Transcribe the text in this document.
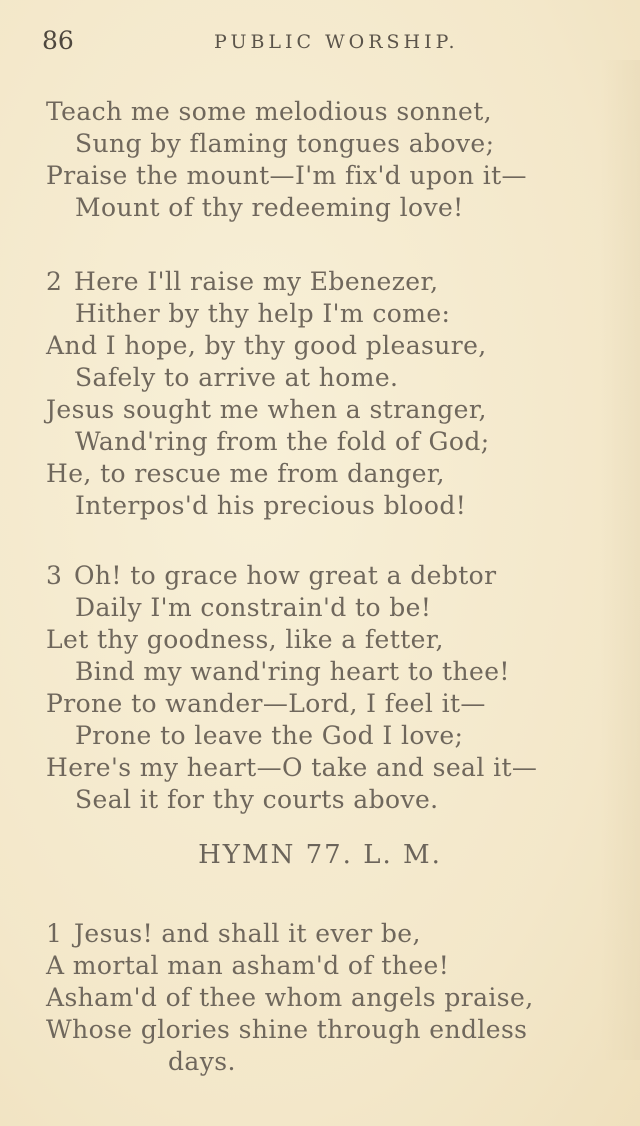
86	PUBLIC WORSHIP.
Teach me some melodious sonnet,
Sung by flaming tongues above;
Praise the mount—I'm fix'd upon it—
Mount of thy redeeming love!
2 Here I'll raise my Ebenezer,
Hither by thy help I'm come:
And I hope, by thy good pleasure,
Safely to arrive at home.
Jesus sought me when a stranger,
Wand'ring from the fold of God;
He, to rescue me from danger,
Interpos'd his precious blood!
3 Oh! to grace how great a debtor
Daily I'm constrain'd to be!
Let thy goodness, like a fetter,
Bind my wand'ring heart to thee!
Prone to wander—Lord, I feel it—
Prone to leave the God I love;
Here's my heart—O take and seal it—
Seal it for thy courts above.
HYMN 77. L. M.
1 Jesus! and shall it ever be,
A mortal man asham'd of thee!
Asham'd of thee whom angels praise,
Whose glories shine through endless
days.
